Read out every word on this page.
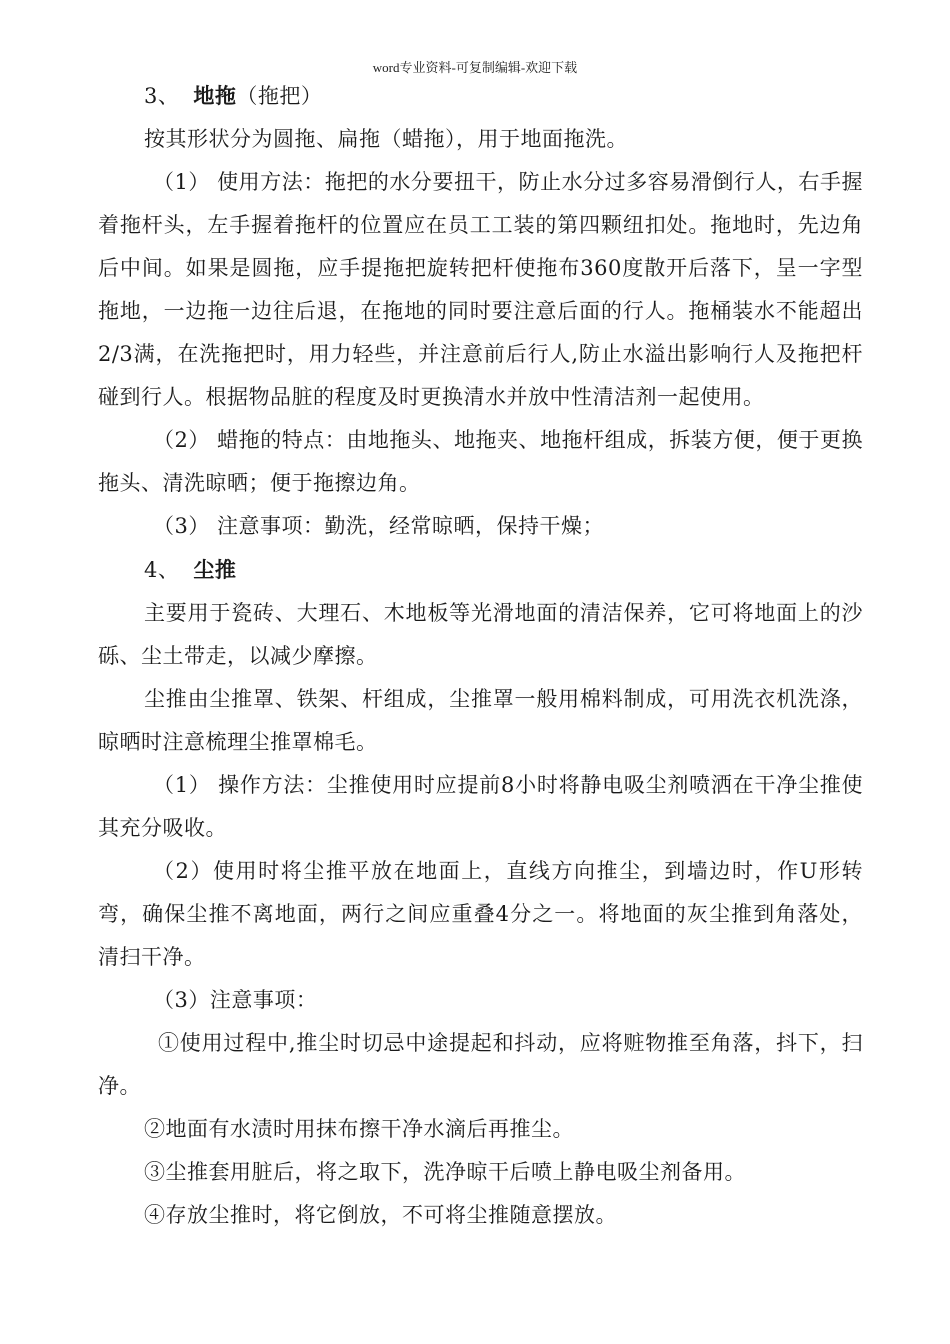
word专业资料-可复制编辑-欢迎下载

3、 地拖（拖把）

按其形状分为圆拖、扁拖（蜡拖），用于地面拖洗。

（1） 使用方法：拖把的水分要扭干，防止水分过多容易滑倒行人，右手握着拖杆头，左手握着拖杆的位置应在员工工装的第四颗纽扣处。拖地时，先边角后中间。如果是圆拖，应手提拖把旋转把杆使拖布360度散开后落下，呈一字型拖地，一边拖一边往后退，在拖地的同时要注意后面的行人。拖桶装水不能超出2/3满，在洗拖把时，用力轻些，并注意前后行人,防止水溢出影响行人及拖把杆碰到行人。根据物品脏的程度及时更换清水并放中性清洁剂一起使用。

（2） 蜡拖的特点：由地拖头、地拖夹、地拖杆组成，拆装方便，便于更换拖头、清洗晾晒；便于拖擦边角。

（3） 注意事项：勤洗，经常晾晒，保持干燥；

4、 尘推

主要用于瓷砖、大理石、木地板等光滑地面的清洁保养，它可将地面上的沙砾、尘土带走，以减少摩擦。

尘推由尘推罩、铁架、杆组成，尘推罩一般用棉料制成，可用洗衣机洗涤，晾晒时注意梳理尘推罩棉毛。

（1） 操作方法：尘推使用时应提前8小时将静电吸尘剂喷洒在干净尘推使其充分吸收。

（2）使用时将尘推平放在地面上，直线方向推尘，到墙边时，作U形转弯，确保尘推不离地面，两行之间应重叠4分之一。将地面的灰尘推到角落处，清扫干净。

（3）注意事项：

①使用过程中,推尘时切忌中途提起和抖动，应将赃物推至角落，抖下，扫净。

②地面有水渍时用抹布擦干净水滴后再推尘。

③尘推套用脏后，将之取下，洗净晾干后喷上静电吸尘剂备用。

④存放尘推时，将它倒放，不可将尘推随意摆放。
